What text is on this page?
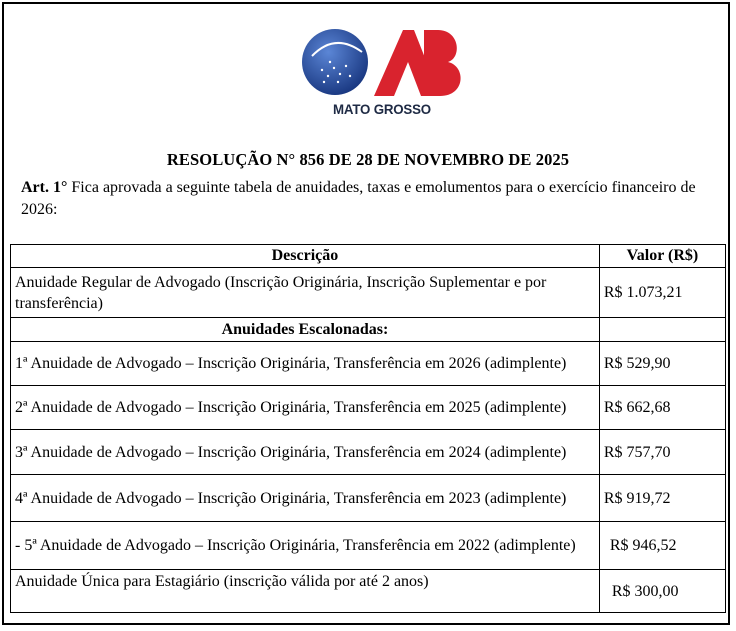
MATO GROSSO
RESOLUÇÃO N° 856 DE 28 DE NOVEMBRO DE 2025
Art. 1° Fica aprovada a seguinte tabela de anuidades, taxas e emolumentos para o exercício financeiro de 2026:
Descrição	Valor (R$)
Anuidade Regular de Advogado (Inscrição Originária, Inscrição Suplementar e por transferência)	R$ 1.073,21
Anuidades Escalonadas:	
1ª Anuidade de Advogado – Inscrição Originária, Transferência em 2026 (adimplente)	R$ 529,90
2ª Anuidade de Advogado – Inscrição Originária, Transferência em 2025 (adimplente)	R$ 662,68
3ª Anuidade de Advogado – Inscrição Originária, Transferência em 2024 (adimplente)	R$ 757,70
4ª Anuidade de Advogado – Inscrição Originária, Transferência em 2023 (adimplente)	R$ 919,72
- 5ª Anuidade de Advogado – Inscrição Originária, Transferência em 2022 (adimplente)	R$ 946,52
Anuidade Única para Estagiário (inscrição válida por até 2 anos)	R$ 300,00
